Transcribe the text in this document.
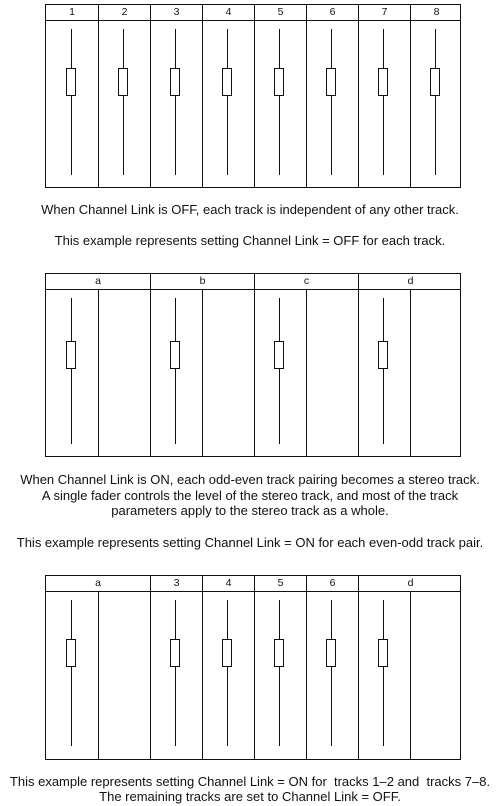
1	2	3	4	5	6	7	8
When Channel Link is OFF, each track is independent of any other track.
This example represents setting Channel Link = OFF for each track.
a	b	c	d
When Channel Link is ON, each odd-even track pairing becomes a stereo track.
A single fader controls the level of the stereo track, and most of the track
parameters apply to the stereo track as a whole.
This example represents setting Channel Link = ON for each even-odd track pair.
a	3	4	5	6	d
This example represents setting Channel Link = ON for  tracks 1–2 and  tracks 7–8.
The remaining tracks are set to Channel Link = OFF.
